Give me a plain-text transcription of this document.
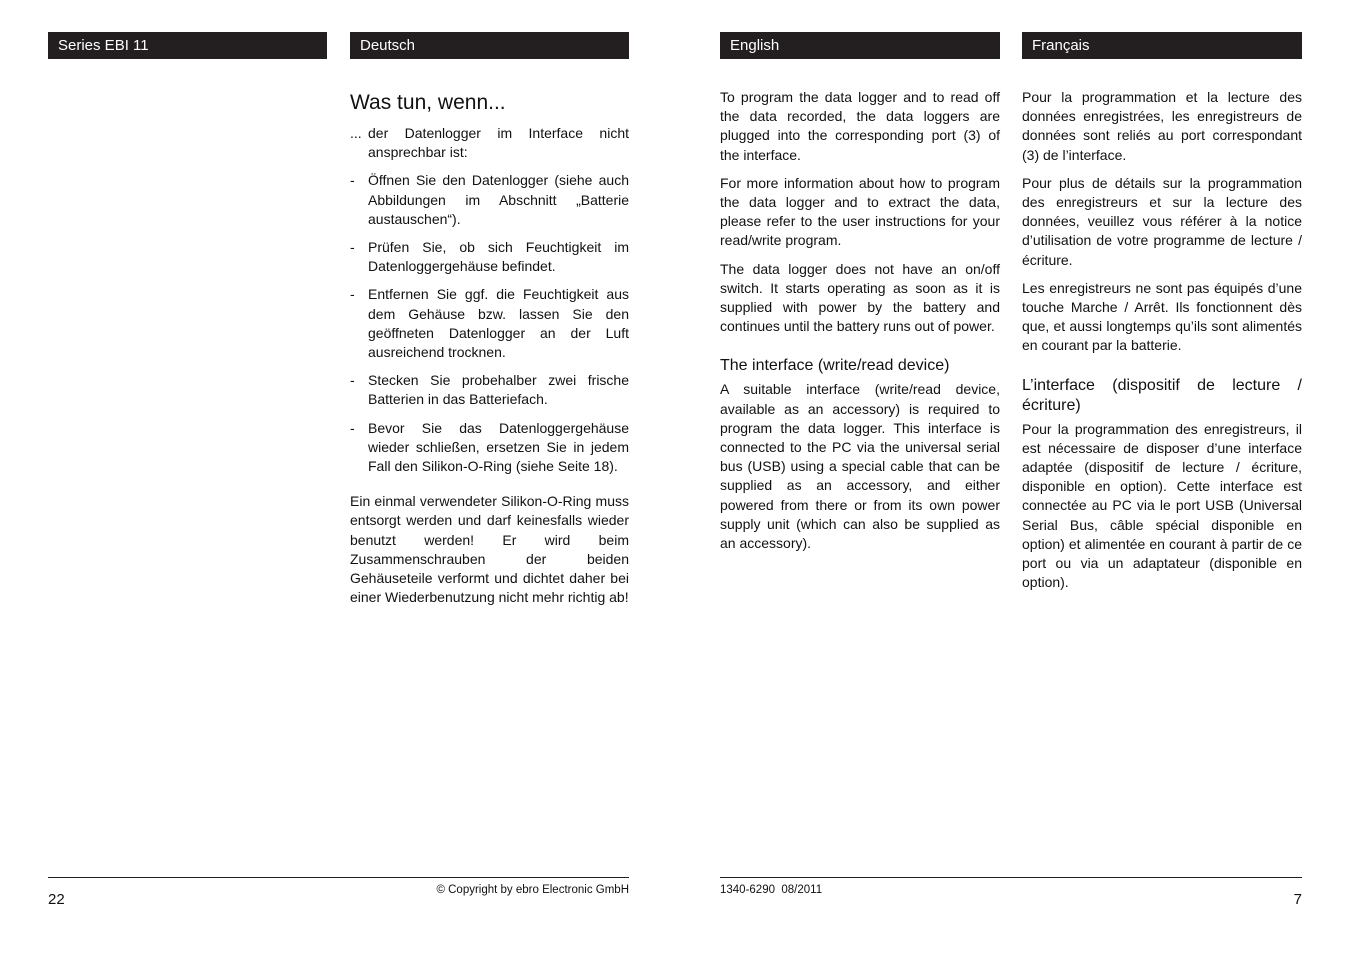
Series EBI 11	Deutsch	English	Français
Was tun, wenn...
... der Datenlogger im Interface nicht ansprechbar ist:
- Öffnen Sie den Datenlogger (siehe auch Abbildungen im Abschnitt „Batterie austauschen“).
- Prüfen Sie, ob sich Feuchtigkeit im Datenloggergehäuse befindet.
- Entfernen Sie ggf. die Feuchtigkeit aus dem Gehäuse bzw. lassen Sie den geöffneten Datenlogger an der Luft ausreichend trocknen.
- Stecken Sie probehalber zwei frische Batterien in das Batteriefach.
- Bevor Sie das Datenloggergehäuse wieder schließen, ersetzen Sie in jedem Fall den Silikon-O-Ring (siehe Seite 18).

Ein einmal verwendeter Silikon-O-Ring muss entsorgt werden und darf keinesfalls wieder benutzt werden! Er wird beim Zusammenschrauben der beiden Gehäuseteile verformt und dichtet daher bei einer Wiederbenutzung nicht mehr richtig ab!

To program the data logger and to read off the data recorded, the data loggers are plugged into the corresponding port (3) of the interface.

For more information about how to program the data logger and to extract the data, please refer to the user instructions for your read/write program.

The data logger does not have an on/off switch. It starts operating as soon as it is supplied with power by the battery and continues until the battery runs out of power.

The interface (write/read device)

A suitable interface (write/read device, available as an accessory) is required to program the data logger. This interface is connected to the PC via the universal serial bus (USB) using a special cable that can be supplied as an accessory, and either powered from there or from its own power supply unit (which can also be supplied as an accessory).

Pour la programmation et la lecture des données enregistrées, les enregistreurs de données sont reliés au port correspondant (3) de l’interface.

Pour plus de détails sur la programmation des enregistreurs et sur la lecture des données, veuillez vous référer à la notice d’utilisation de votre programme de lecture / écriture.

Les enregistreurs ne sont pas équipés d’une touche Marche / Arrêt. Ils fonctionnent dès que, et aussi longtemps qu’ils sont alimentés en courant par la batterie.

L’interface (dispositif de lecture / écriture)

Pour la programmation des enregistreurs, il est nécessaire de disposer d’une interface adaptée (dispositif de lecture / écriture, disponible en option). Cette interface est connectée au PC via le port USB (Universal Serial Bus, câble spécial disponible en option) et alimentée en courant à partir de ce port ou via un adaptateur (disponible en option).

22
© Copyright by ebro Electronic GmbH	1340-6290  08/2011
7
